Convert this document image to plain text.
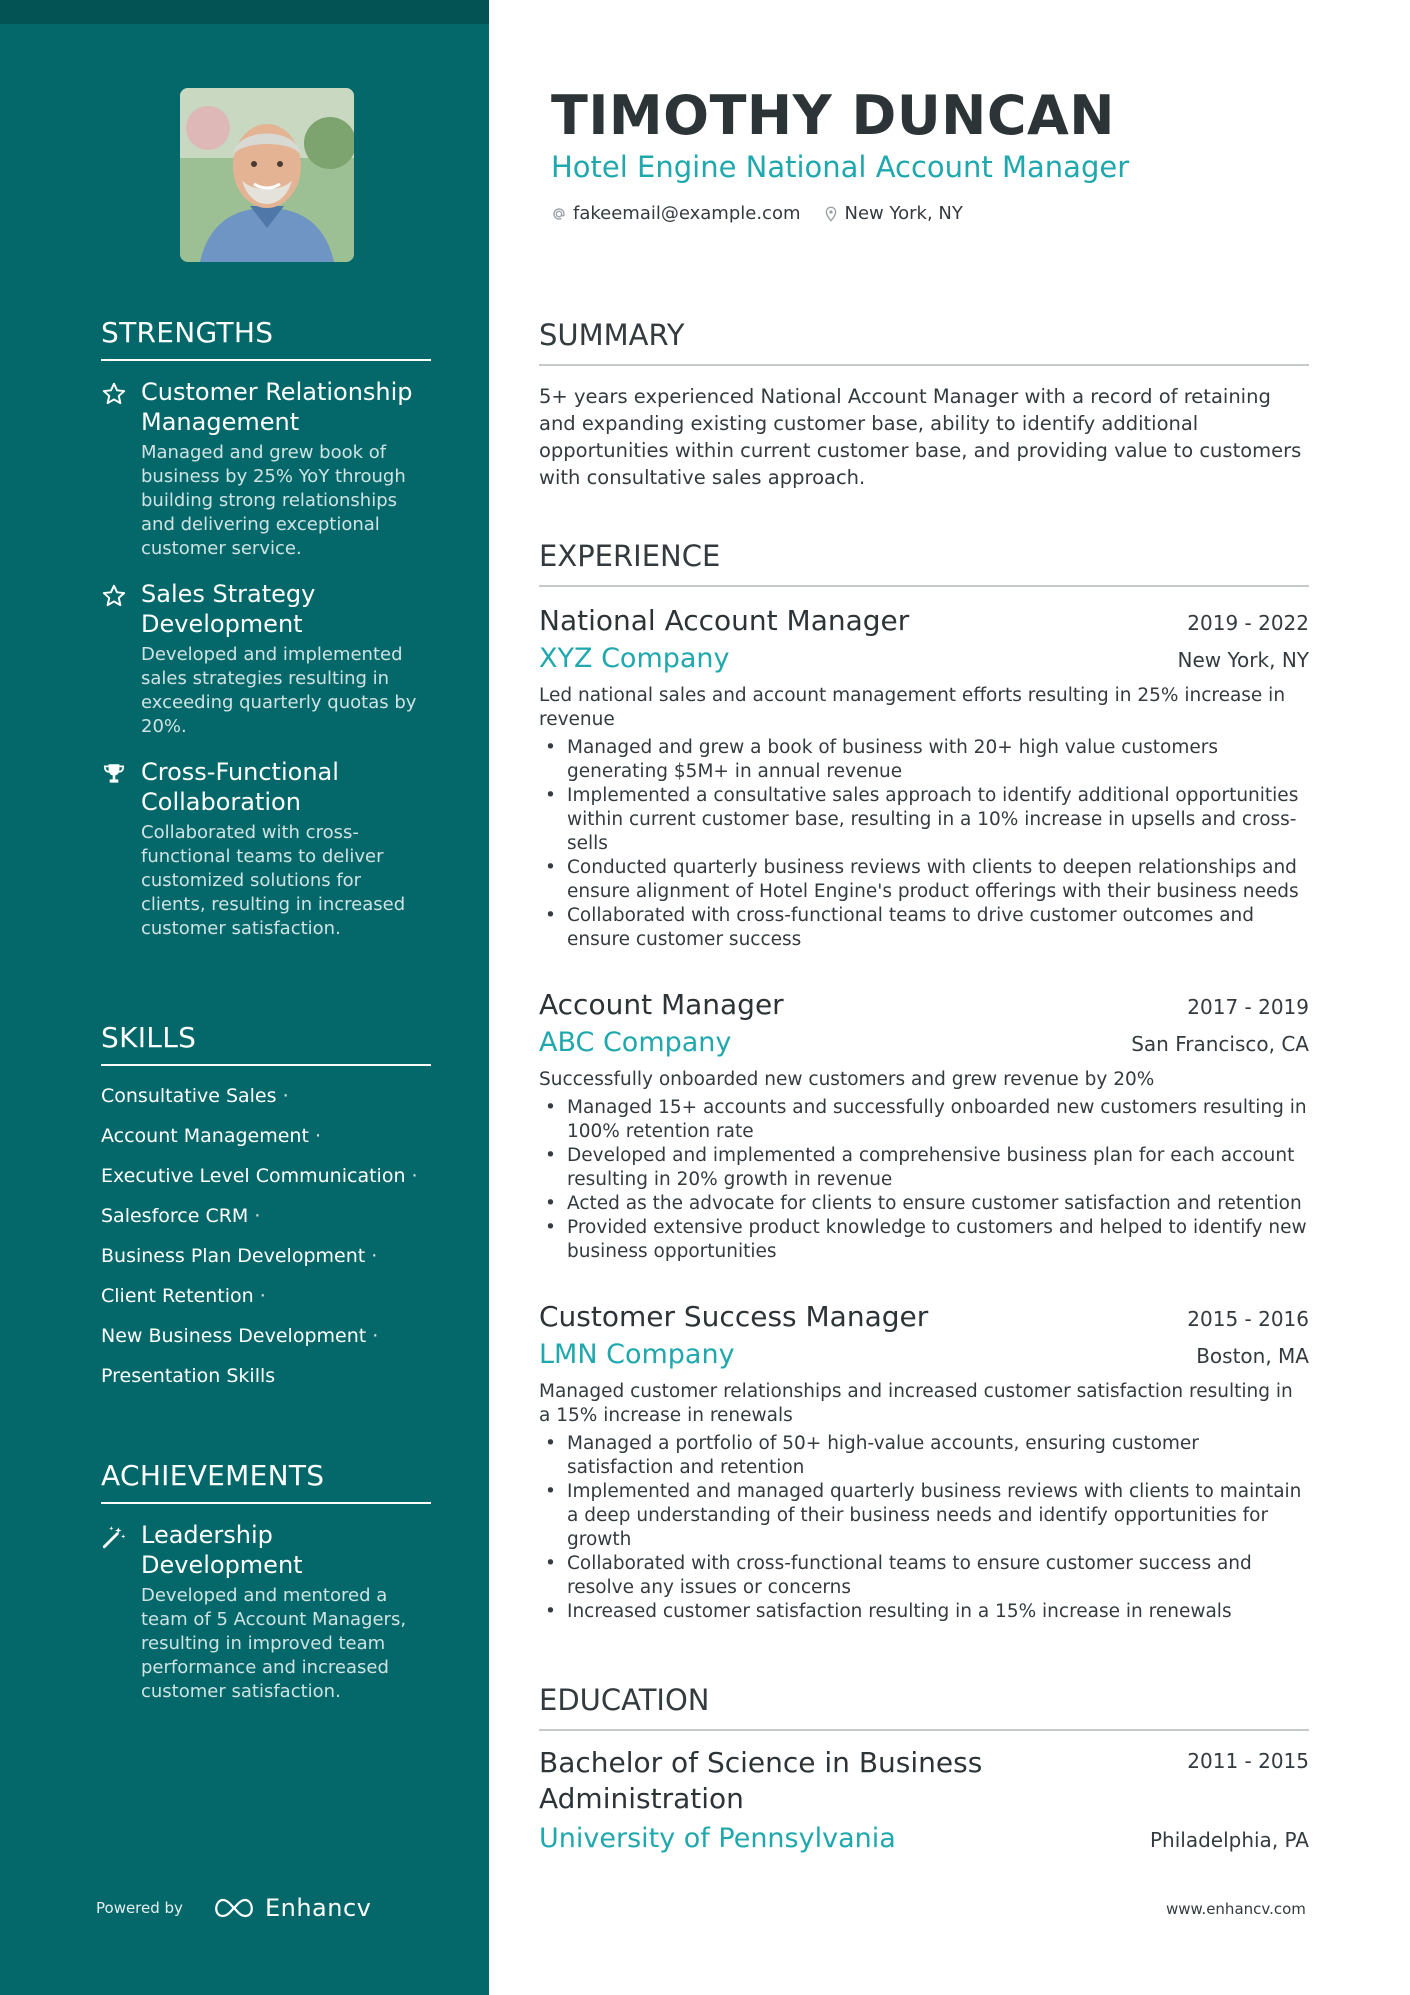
STRENGTHS
Customer Relationship Management
Managed and grew book of business by 25% YoY through building strong relationships and delivering exceptional customer service.
Sales Strategy Development
Developed and implemented sales strategies resulting in exceeding quarterly quotas by 20%.
Cross-Functional Collaboration
Collaborated with cross-functional teams to deliver customized solutions for clients, resulting in increased customer satisfaction.
SKILLS
Consultative Sales ·
Account Management ·
Executive Level Communication ·
Salesforce CRM ·
Business Plan Development ·
Client Retention ·
New Business Development ·
Presentation Skills
ACHIEVEMENTS
Leadership Development
Developed and mentored a team of 5 Account Managers, resulting in improved team performance and increased customer satisfaction.
Powered by	Enhancv
TIMOTHY DUNCAN
Hotel Engine National Account Manager
fakeemail@example.com New York, NY
SUMMARY
5+ years experienced National Account Manager with a record of retaining and expanding existing customer base, ability to identify additional opportunities within current customer base, and providing value to customers with consultative sales approach.
EXPERIENCE
National Account Manager	2019 - 2022
XYZ Company	New York, NY
Led national sales and account management efforts resulting in 25% increase in revenue
• Managed and grew a book of business with 20+ high value customers generating $5M+ in annual revenue
• Implemented a consultative sales approach to identify additional opportunities within current customer base, resulting in a 10% increase in upsells and cross-sells
• Conducted quarterly business reviews with clients to deepen relationships and ensure alignment of Hotel Engine's product offerings with their business needs
• Collaborated with cross-functional teams to drive customer outcomes and ensure customer success
Account Manager	2017 - 2019
ABC Company	San Francisco, CA
Successfully onboarded new customers and grew revenue by 20%
• Managed 15+ accounts and successfully onboarded new customers resulting in 100% retention rate
• Developed and implemented a comprehensive business plan for each account resulting in 20% growth in revenue
• Acted as the advocate for clients to ensure customer satisfaction and retention
• Provided extensive product knowledge to customers and helped to identify new business opportunities
Customer Success Manager	2015 - 2016
LMN Company	Boston, MA
Managed customer relationships and increased customer satisfaction resulting in a 15% increase in renewals
• Managed a portfolio of 50+ high-value accounts, ensuring customer satisfaction and retention
• Implemented and managed quarterly business reviews with clients to maintain a deep understanding of their business needs and identify opportunities for growth
• Collaborated with cross-functional teams to ensure customer success and resolve any issues or concerns
• Increased customer satisfaction resulting in a 15% increase in renewals
EDUCATION
Bachelor of Science in Business Administration
2011 - 2015
University of Pennsylvania	Philadelphia, PA
www.enhancv.com
